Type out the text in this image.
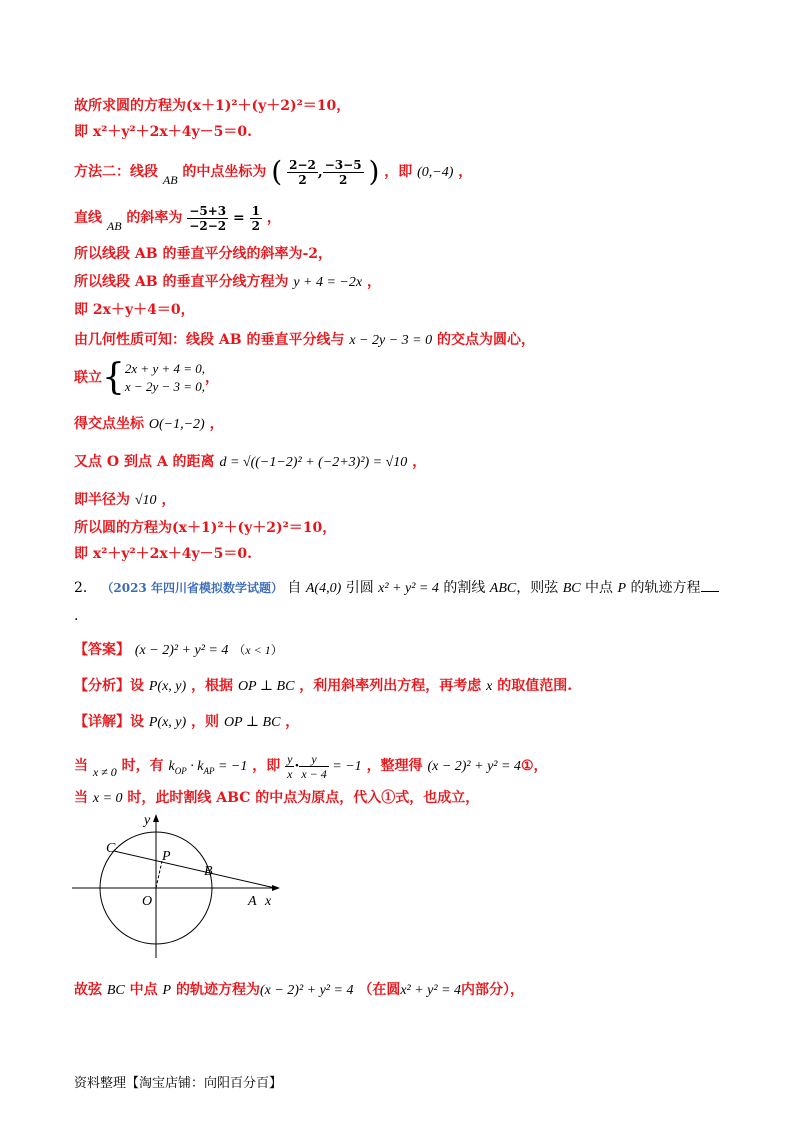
故所求圆的方程为(x＋1)²＋(y＋2)²＝10，
即 x²＋y²＋2x＋4y－5＝0.
方法二：线段 AB 的中点坐标为 ( $\frac{2-2}{2}$ , $\frac{-3-5}{2}$ ) ，即 (0,−4) ，
直线 AB 的斜率为 $\frac{-5+3}{-2-2} = \frac{1}{2}$ ，
所以线段 AB 的垂直平分线的斜率为-2，
所以线段 AB 的垂直平分线方程为 y + 4 = −2x ，
即 2x＋y＋4＝0，
由几何性质可知：线段 AB 的垂直平分线与 x − 2y − 3 = 0 的交点为圆心，
联立{ 2x + y + 4 = 0,
x − 2y − 3 = 0,
，
得交点坐标 O(−1,−2) ，
又点 O 到点 A 的距离 d = √((−1−2)² + (−2+3)²) = √10 ，
即半径为 √10 ，
所以圆的方程为(x＋1)²＋(y＋2)²＝10，
即 x²＋y²＋2x＋4y－5＝0.
2． （2023 年四川省模拟数学试题） 自 A(4,0) 引圆 x² + y² = 4 的割线 ABC，则弦 BC 中点 P 的轨迹方程
.
【答案】 (x − 2)² + y² = 4 （x < 1）
【分析】设 P(x, y) ，根据 OP ⊥ BC ，利用斜率列出方程，再考虑 x 的取值范围.
【详解】设 P(x, y) ，则 OP ⊥ BC ，
当 x ≠ 0 时，有 $k_{OP} \cdot k_{AP} = -1$ ，即 $\frac{y}{x} \cdot \frac{y}{x - 4} = -1$ ，整理得 (x − 2)² + y² = 4①，
当 x = 0 时，此时割线 ABC 的中点为原点，代入①式，也成立，
y
x
C
P
B
O	A
故弦 BC 中点 P 的轨迹方程为(x − 2)² + y² = 4 （在圆x² + y² = 4内部分），
资料整理【淘宝店铺：向阳百分百】
